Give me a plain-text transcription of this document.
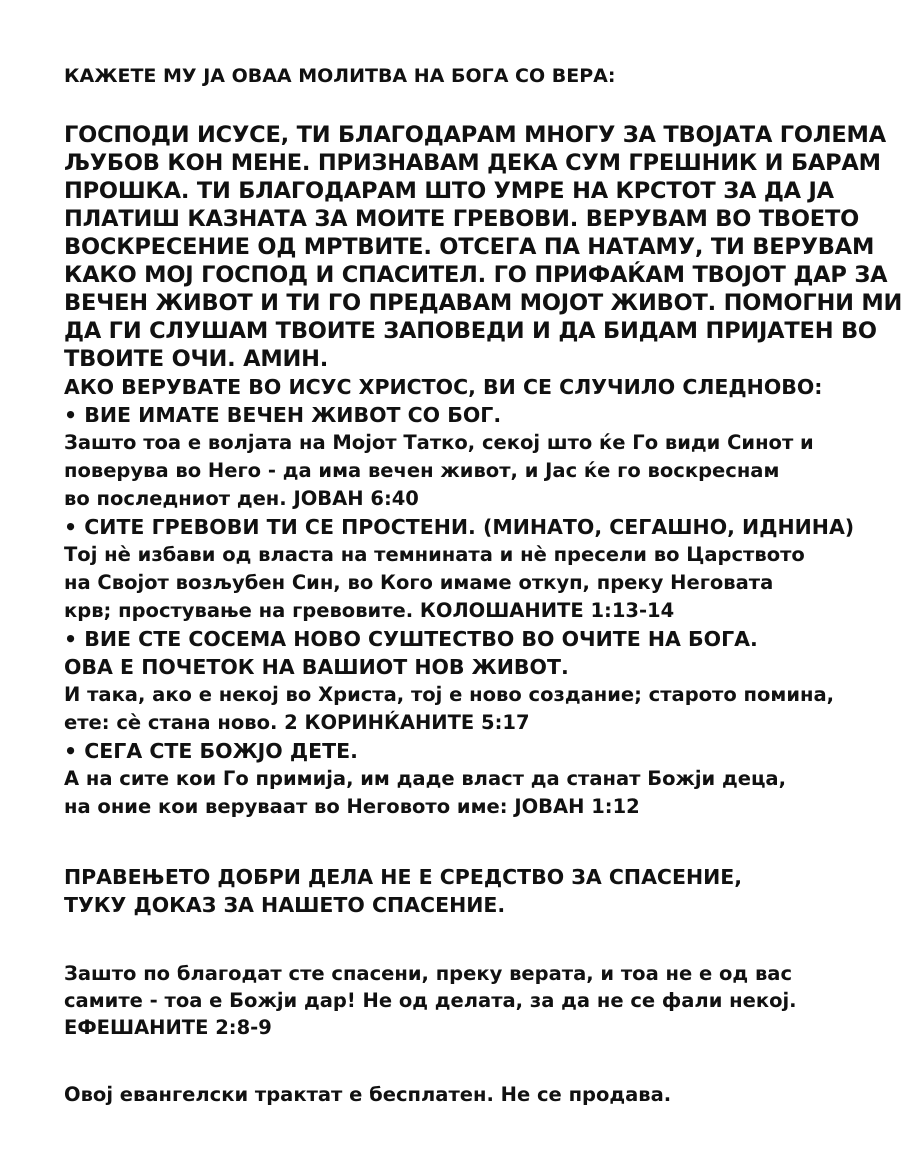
КАЖЕТЕ МУ ЈА ОВАА МОЛИТВА НА БОГА СО ВЕРА:
ГОСПОДИ ИСУСЕ, ТИ БЛАГОДАРАМ МНОГУ ЗА ТВОЈАТА ГОЛЕМА
ЉУБОВ КОН МЕНЕ. ПРИЗНАВАМ ДЕКА СУМ ГРЕШНИК И БАРАМ
ПРОШКА. ТИ БЛАГОДАРАМ ШТО УМРЕ НА КРСТОТ ЗА ДА ЈА
ПЛАТИШ КАЗНАТА ЗА МОИТЕ ГРЕВОВИ. ВЕРУВАМ ВО ТВОЕТО
ВОСКРЕСЕНИЕ ОД МРТВИТЕ. ОТСЕГА ПА НАТАМУ, ТИ ВЕРУВАМ
КАКО МОЈ ГОСПОД И СПАСИТЕЛ. ГО ПРИФАЌАМ ТВОЈОТ ДАР ЗА
ВЕЧЕН ЖИВОТ И ТИ ГО ПРЕДАВАМ МОЈОТ ЖИВОТ. ПОМОГНИ МИ
ДА ГИ СЛУШАМ ТВОИТЕ ЗАПОВЕДИ И ДА БИДАМ ПРИЈАТЕН ВО
ТВОИТЕ ОЧИ. АМИН.
АКО ВЕРУВАТЕ ВО ИСУС ХРИСТОС, ВИ СЕ СЛУЧИЛО СЛЕДНОВО:
• ВИЕ ИМАТЕ ВЕЧЕН ЖИВОТ СО БОГ.
Зашто тоа е волјата на Мојот Татко, секој што ќе Го види Синот и
поверува во Него - да има вечен живот, и Јас ќе го воскреснам
во последниот ден. ЈОВАН 6:40
• СИТЕ ГРЕВОВИ ТИ СЕ ПРОСТЕНИ. (МИНАТО, СЕГАШНО, ИДНИНА)
Тој нè избави од власта на темнината и нè пресели во Царството
на Својот возљубен Син, во Кого имаме откуп, преку Неговата
крв; простување на гревовите. КОЛОШАНИТЕ 1:13-14
• ВИЕ СТЕ СОСЕМА НОВО СУШТЕСТВО ВО ОЧИТЕ НА БОГА.
ОВА Е ПОЧЕТОК НА ВАШИОТ НОВ ЖИВОТ.
И така, ако е некој во Христа, тој е ново создание; старото помина,
ете: сè стана ново. 2 КОРИНЌАНИТЕ 5:17
• СЕГА СТЕ БОЖЈО ДЕТЕ.
А на сите кои Го примија, им даде власт да станат Божји деца,
на оние кои веруваат во Неговото име: ЈОВАН 1:12
ПРАВЕЊЕТО ДОБРИ ДЕЛА НЕ Е СРЕДСТВО ЗА СПАСЕНИЕ,
ТУКУ ДОКАЗ ЗА НАШЕТО СПАСЕНИЕ.
Зашто по благодат сте спасени, преку верата, и тоа не е од вас
самите - тоа е Божји дар! Не од делата, за да не се фали некој.
ЕФЕШАНИТЕ 2:8-9
Овој евангелски трактат е бесплатен. Не се продава.
